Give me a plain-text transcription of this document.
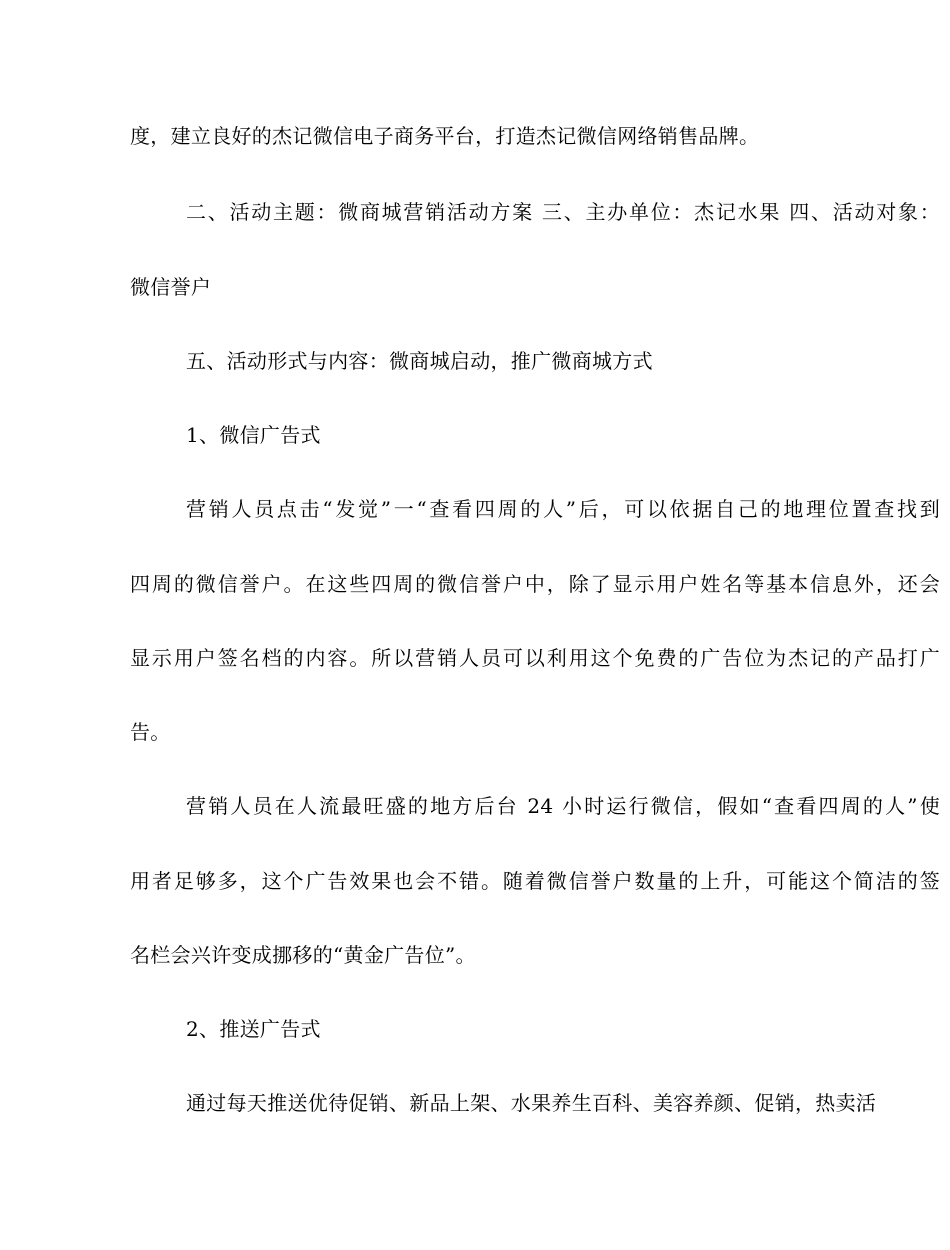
度，建立良好的杰记微信电子商务平台，打造杰记微信网络销售品牌。
二、活动主题：微商城营销活动方案 三、主办单位：杰记水果 四、活动对象：
微信誉户
五、活动形式与内容：微商城启动，推广微商城方式
1、微信广告式
营销人员点击“发觉”一“查看四周的人”后，可以依据自己的地理位置查找到
四周的微信誉户。在这些四周的微信誉户中，除了显示用户姓名等基本信息外，还会
显示用户签名档的内容。所以营销人员可以利用这个免费的广告位为杰记的产品打广
告。
营销人员在人流最旺盛的地方后台 24 小时运行微信，假如“查看四周的人”使
用者足够多，这个广告效果也会不错。随着微信誉户数量的上升，可能这个简洁的签
名栏会兴许变成挪移的“黄金广告位”。
2、推送广告式
通过每天推送优待促销、新品上架、水果养生百科、美容养颜、促销，热卖活
